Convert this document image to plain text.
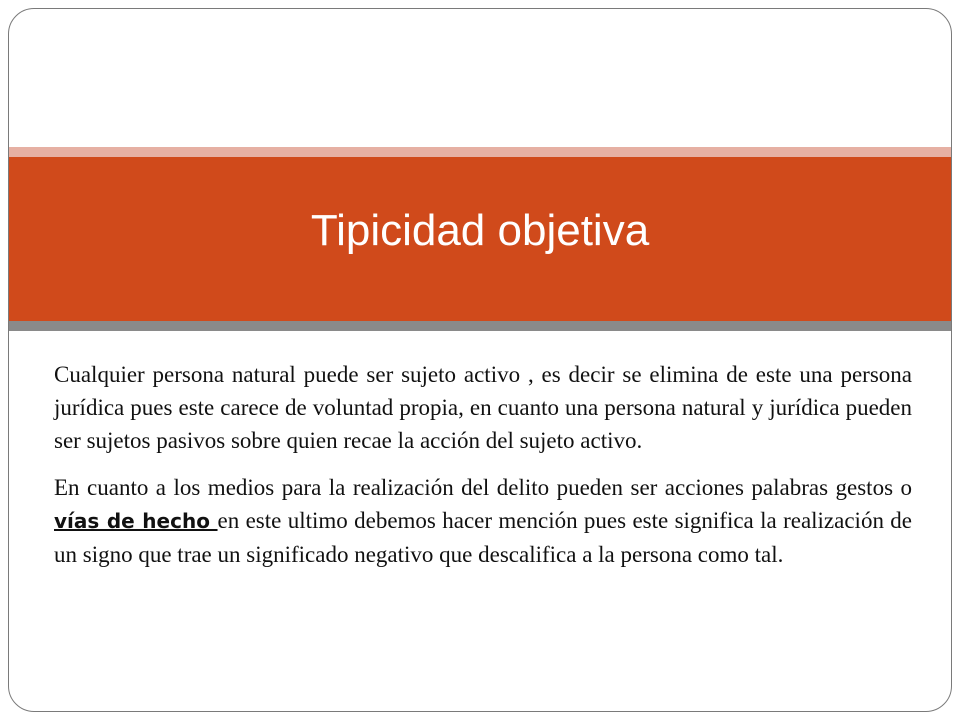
Tipicidad objetiva

Cualquier persona natural puede ser sujeto activo , es decir se elimina de este una persona jurídica pues este carece de voluntad propia, en cuanto una persona natural y jurídica pueden ser sujetos pasivos sobre quien recae la acción del sujeto activo.

En cuanto a los medios para la realización del delito pueden ser acciones palabras gestos o vías de hecho en este ultimo debemos hacer mención pues este significa la realización de un signo que trae un significado negativo que descalifica a la persona como tal.
